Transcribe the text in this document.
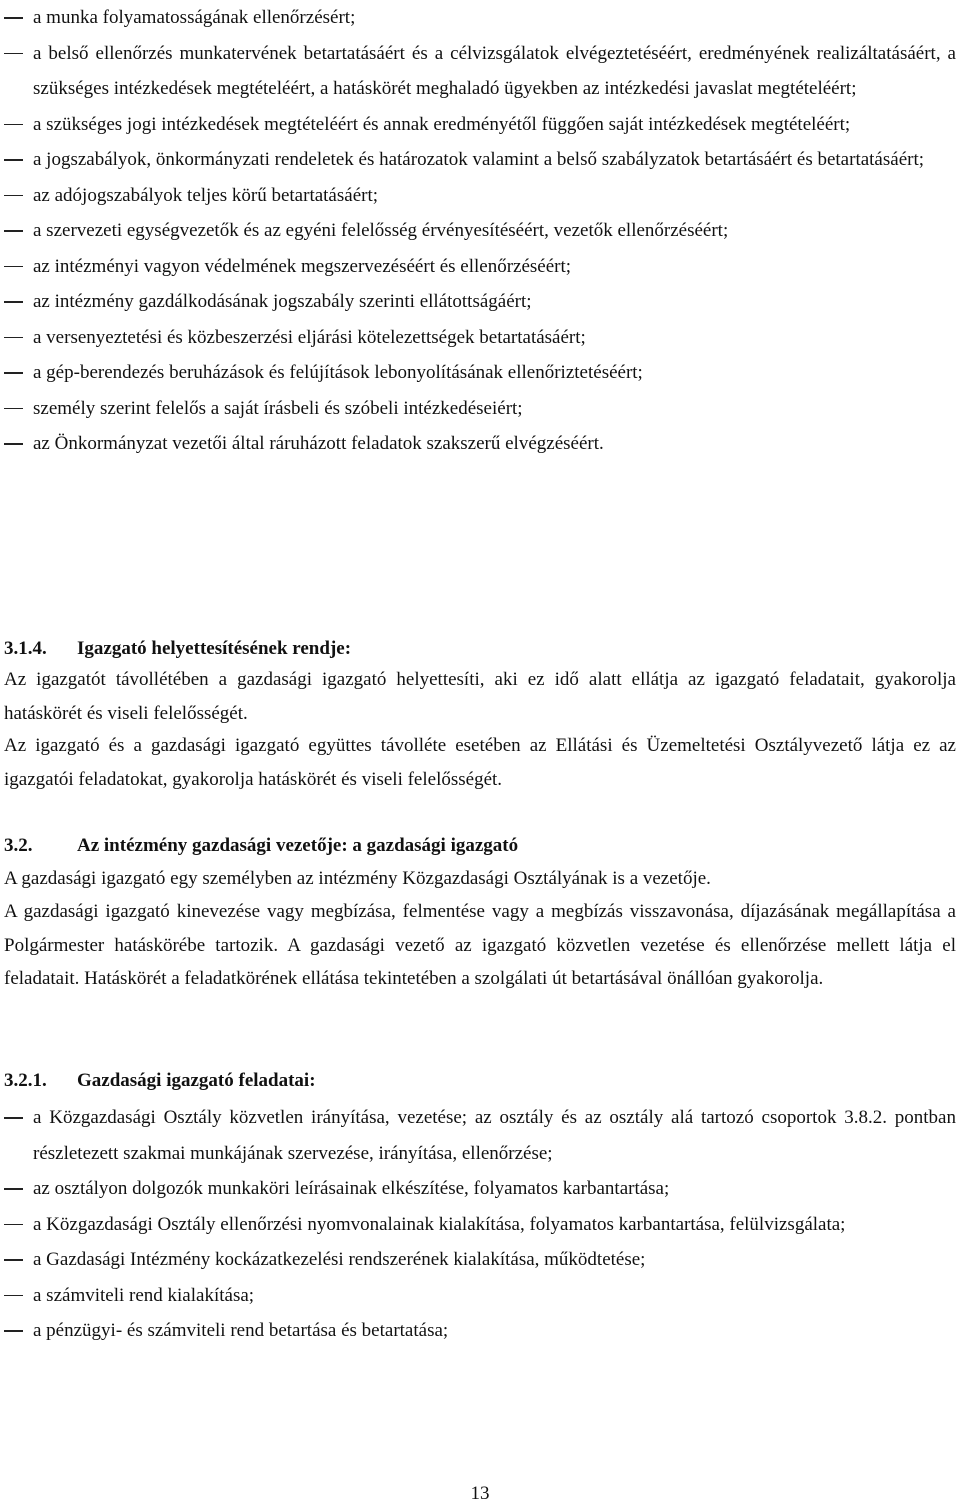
a munka folyamatosságának ellenőrzésért;
a belső ellenőrzés munkatervének betartatásáért és a célvizsgálatok elvégeztetéséért, eredményének realizáltatásáért, a szükséges intézkedések megtételéért, a hatáskörét meghaladó ügyekben az intézkedési javaslat megtételéért;
a szükséges jogi intézkedések megtételéért és annak eredményétől függően saját intézkedések megtételéért;
a jogszabályok, önkormányzati rendeletek és határozatok valamint a belső szabályzatok betartásáért és betartatásáért;
az adójogszabályok teljes körű betartatásáért;
a szervezeti egységvezetők és az egyéni felelősség érvényesítéséért, vezetők ellenőrzéséért;
az intézményi vagyon védelmének megszervezéséért és ellenőrzéséért;
az intézmény gazdálkodásának jogszabály szerinti ellátottságáért;
a versenyeztetési és közbeszerzési eljárási kötelezettségek betartatásáért;
a gép-berendezés beruházások és felújítások lebonyolításának ellenőriztetéséért;
személy szerint felelős a saját írásbeli és szóbeli intézkedéseiért;
az Önkormányzat vezetői által ráruházott feladatok szakszerű elvégzéséért.
3.1.4. Igazgató helyettesítésének rendje:
Az igazgatót távollétében a gazdasági igazgató helyettesíti, aki ez idő alatt ellátja az igazgató feladatait, gyakorolja hatáskörét és viseli felelősségét.
Az igazgató és a gazdasági igazgató együttes távolléte esetében az Ellátási és Üzemeltetési Osztályvezető látja ez az igazgatói feladatokat, gyakorolja hatáskörét és viseli felelősségét.
3.2. Az intézmény gazdasági vezetője: a gazdasági igazgató
A gazdasági igazgató egy személyben az intézmény Közgazdasági Osztályának is a vezetője.
A gazdasági igazgató kinevezése vagy megbízása, felmentése vagy a megbízás visszavonása, díjazásának megállapítása a Polgármester hatáskörébe tartozik. A gazdasági vezető az igazgató közvetlen vezetése és ellenőrzése mellett látja el feladatait. Hatáskörét a feladatkörének ellátása tekintetében a szolgálati út betartásával önállóan gyakorolja.
3.2.1. Gazdasági igazgató feladatai:
a Közgazdasági Osztály közvetlen irányítása, vezetése; az osztály és az osztály alá tartozó csoportok 3.8.2. pontban részletezett szakmai munkájának szervezése, irányítása, ellenőrzése;
az osztályon dolgozók munkaköri leírásainak elkészítése, folyamatos karbantartása;
a Közgazdasági Osztály ellenőrzési nyomvonalainak kialakítása, folyamatos karbantartása, felülvizsgálata;
a Gazdasági Intézmény kockázatkezelési rendszerének kialakítása, működtetése;
a számviteli rend kialakítása;
a pénzügyi- és számviteli rend betartása és betartatása;
13
